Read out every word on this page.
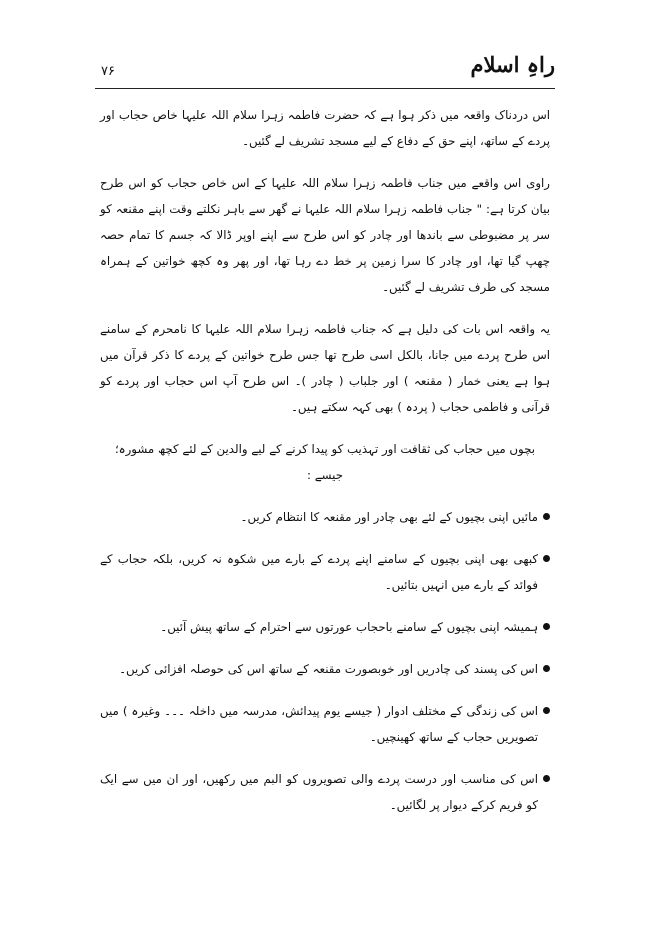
راہِ اسلام
۷۶

اس دردناک واقعہ میں ذکر ہوا ہے کہ حضرت فاطمہ زہرا سلام اللہ علیہا خاص حجاب اور پردے کے ساتھ، اپنے حق کے دفاع کے لیے مسجد تشریف لے گئیں۔

راوی اس واقعے میں جناب فاطمہ زہرا سلام اللہ علیہا کے اس خاص حجاب کو اس طرح بیان کرتا ہے: " جناب فاطمہ زہرا سلام اللہ علیہا نے گھر سے باہر نکلتے وقت اپنے مقنعہ کو سر پر مضبوطی سے باندھا اور چادر کو اس طرح سے اپنے اوپر ڈالا کہ جسم کا تمام حصہ چھپ گیا تھا، اور چادر کا سرا زمین پر خط دے رہا تھا، اور پھر وہ کچھ خواتین کے ہمراہ مسجد کی طرف تشریف لے گئیں۔

یہ واقعہ اس بات کی دلیل ہے کہ جناب فاطمہ زہرا سلام اللہ علیہا کا نامحرم کے سامنے اس طرح پردے میں جانا، بالکل اسی طرح تھا جس طرح خواتین کے پردے کا ذکر قرآن میں ہوا ہے یعنی خمار ( مقنعہ ) اور جلباب ( چادر )۔ اس طرح آپ اس حجاب اور پردے کو قرآنی و فاطمی حجاب ( پردہ ) بھی کہہ سکتے ہیں۔

بچوں میں حجاب کی ثقافت اور تہذیب کو پیدا کرنے کے لیے والدین کے لئے کچھ مشورہ؛ جیسے :

مائیں اپنی بچیوں کے لئے بھی چادر اور مقنعہ کا انتظام کریں۔
کبھی بھی اپنی بچیوں کے سامنے اپنے پردے کے بارے میں شکوہ نہ کریں، بلکہ حجاب کے فوائد کے بارے میں انہیں بتائیں۔
ہمیشہ اپنی بچیوں کے سامنے باحجاب عورتوں سے احترام کے ساتھ پیش آئیں۔
اس کی پسند کی چادریں اور خوبصورت مقنعہ کے ساتھ اس کی حوصلہ افزائی کریں۔
اس کی زندگی کے مختلف ادوار ( جیسے یوم پیدائش، مدرسہ میں داخلہ ۔۔۔ وغیرہ ) میں تصویریں حجاب کے ساتھ کھینچیں۔
اس کی مناسب اور درست پردے والی تصویروں کو البم میں رکھیں، اور ان میں سے ایک کو فریم کرکے دیوار پر لگائیں۔
